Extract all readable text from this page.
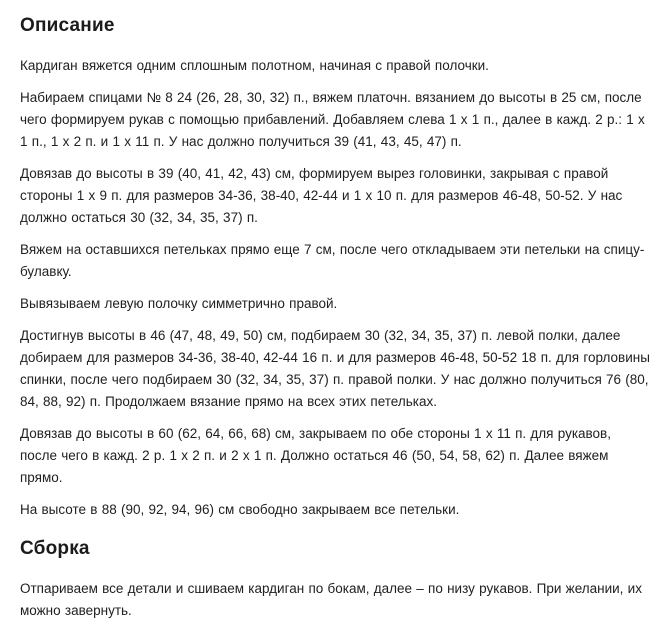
Описание

Кардиган вяжется одним сплошным полотном, начиная с правой полочки.

Набираем спицами № 8 24 (26, 28, 30, 32) п., вяжем платочн. вязанием до высоты в 25 см, после чего формируем рукав с помощью прибавлений. Добавляем слева 1 х 1 п., далее в кажд. 2 р.: 1 х 1 п., 1 х 2 п. и 1 х 11 п. У нас должно получиться 39 (41, 43, 45, 47) п.

Довязав до высоты в 39 (40, 41, 42, 43) см, формируем вырез головинки, закрывая с правой стороны 1 х 9 п. для размеров 34-36, 38-40, 42-44 и 1 х 10 п. для размеров 46-48, 50-52. У нас должно остаться 30 (32, 34, 35, 37) п.

Вяжем на оставшихся петельках прямо еще 7 см, после чего откладываем эти петельки на спицу-булавку.

Вывязываем левую полочку симметрично правой.

Достигнув высоты в 46 (47, 48, 49, 50) см, подбираем 30 (32, 34, 35, 37) п. левой полки, далее добираем для размеров 34-36, 38-40, 42-44 16 п. и для размеров 46-48, 50-52 18 п. для горловины спинки, после чего подбираем 30 (32, 34, 35, 37) п. правой полки. У нас должно получиться 76 (80, 84, 88, 92) п. Продолжаем вязание прямо на всех этих петельках.

Довязав до высоты в 60 (62, 64, 66, 68) см, закрываем по обе стороны 1 х 11 п. для рукавов, после чего в кажд. 2 р. 1 х 2 п. и 2 х 1 п. Должно остаться 46 (50, 54, 58, 62) п. Далее вяжем прямо.

На высоте в 88 (90, 92, 94, 96) см свободно закрываем все петельки.

Сборка

Отпариваем все детали и сшиваем кардиган по бокам, далее – по низу рукавов. При желании, их можно завернуть.
